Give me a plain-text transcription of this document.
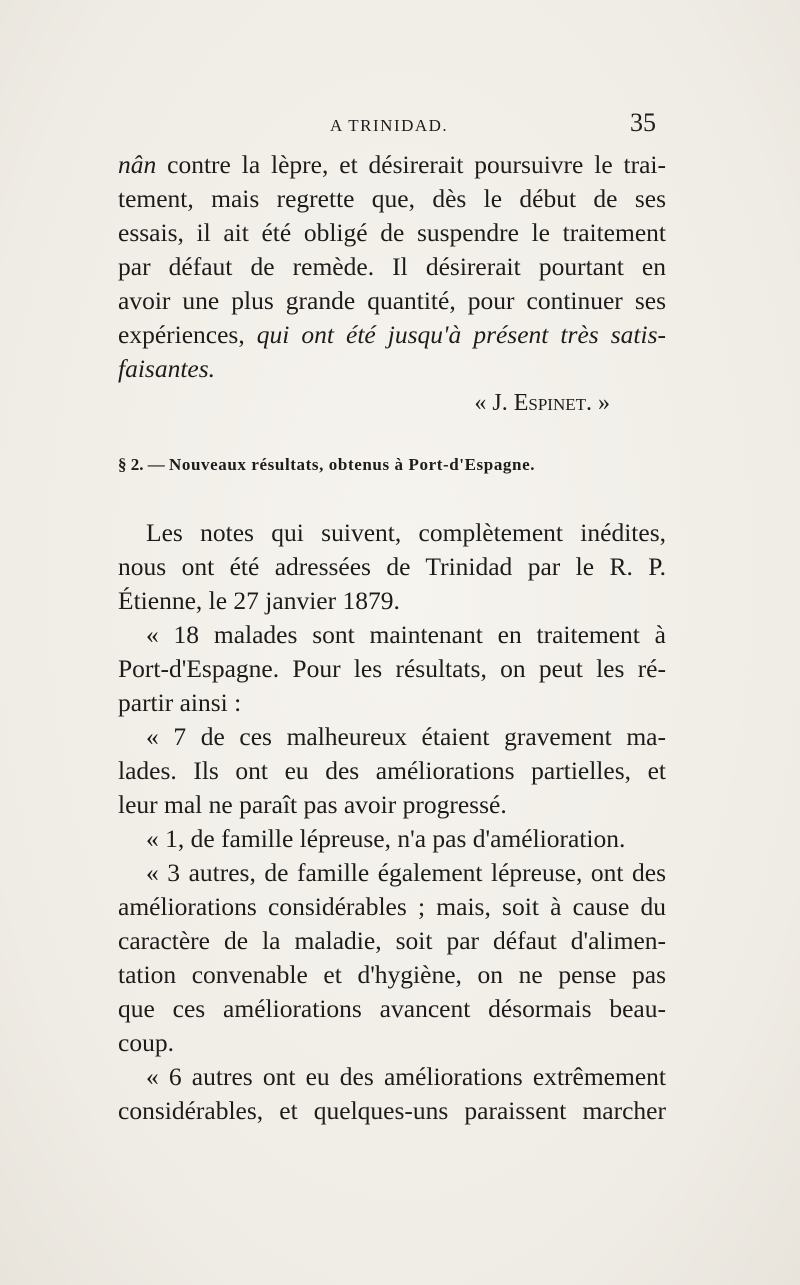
A TRINIDAD.	35
nân contre la lèpre, et désirerait poursuivre le trai-
tement, mais regrette que, dès le début de ses
essais, il ait été obligé de suspendre le traitement
par défaut de remède. Il désirerait pourtant en
avoir une plus grande quantité, pour continuer ses
expériences, qui ont été jusqu'à présent très satis-
faisantes.
« J. Espinet. »
§ 2. — Nouveaux résultats, obtenus à Port-d'Espagne.
Les notes qui suivent, complètement inédites,
nous ont été adressées de Trinidad par le R. P.
Étienne, le 27 janvier 1879.
« 18 malades sont maintenant en traitement à
Port-d'Espagne. Pour les résultats, on peut les ré-
partir ainsi :
« 7 de ces malheureux étaient gravement ma-
lades. Ils ont eu des améliorations partielles, et
leur mal ne paraît pas avoir progressé.
« 1, de famille lépreuse, n'a pas d'amélioration.
« 3 autres, de famille également lépreuse, ont des
améliorations considérables ; mais, soit à cause du
caractère de la maladie, soit par défaut d'alimen-
tation convenable et d'hygiène, on ne pense pas
que ces améliorations avancent désormais beau-
coup.
« 6 autres ont eu des améliorations extrêmement
considérables, et quelques-uns paraissent marcher
